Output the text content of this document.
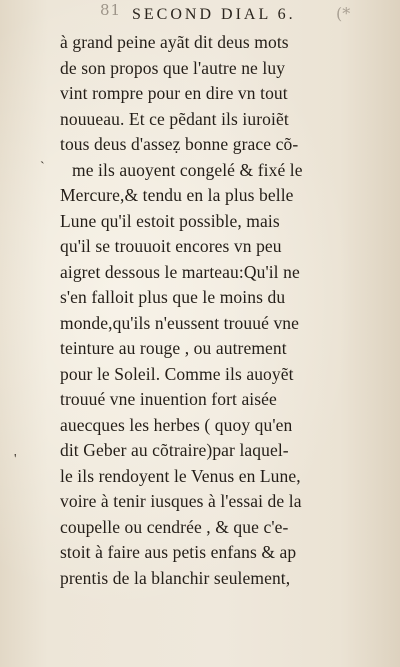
81 SECOND DIAL 6.	(*
`
'
à grand peine ayãt dit deus mots
de son propos que l'autre ne luy
vint rompre pour en dire vn tout
nouueau. Et ce pẽdant ils iuroiẽt
tous deus d'asseẓ bonne grace cõ-
me ils auoyent congelé & fixé le
Mercure,& tendu en la plus belle
Lune qu'il estoit possible, mais
qu'il se trouuoit encores vn peu
aigret dessous le marteau:Qu'il ne
s'en falloit plus que le moins du
monde,qu'ils n'eussent trouué vne
teinture au rouge , ou autrement
pour le Soleil. Comme ils auoyẽt
trouué vne inuention fort aisée
auecques les herbes ( quoy qu'en
dit Geber au cõtraire)par laquel-
le ils rendoyent le Venus en Lune,
voire à tenir iusques à l'essai de la
coupelle ou cendrée , & que c'e-
stoit à faire aus petis enfans & ap
prentis de la blanchir seulement,
